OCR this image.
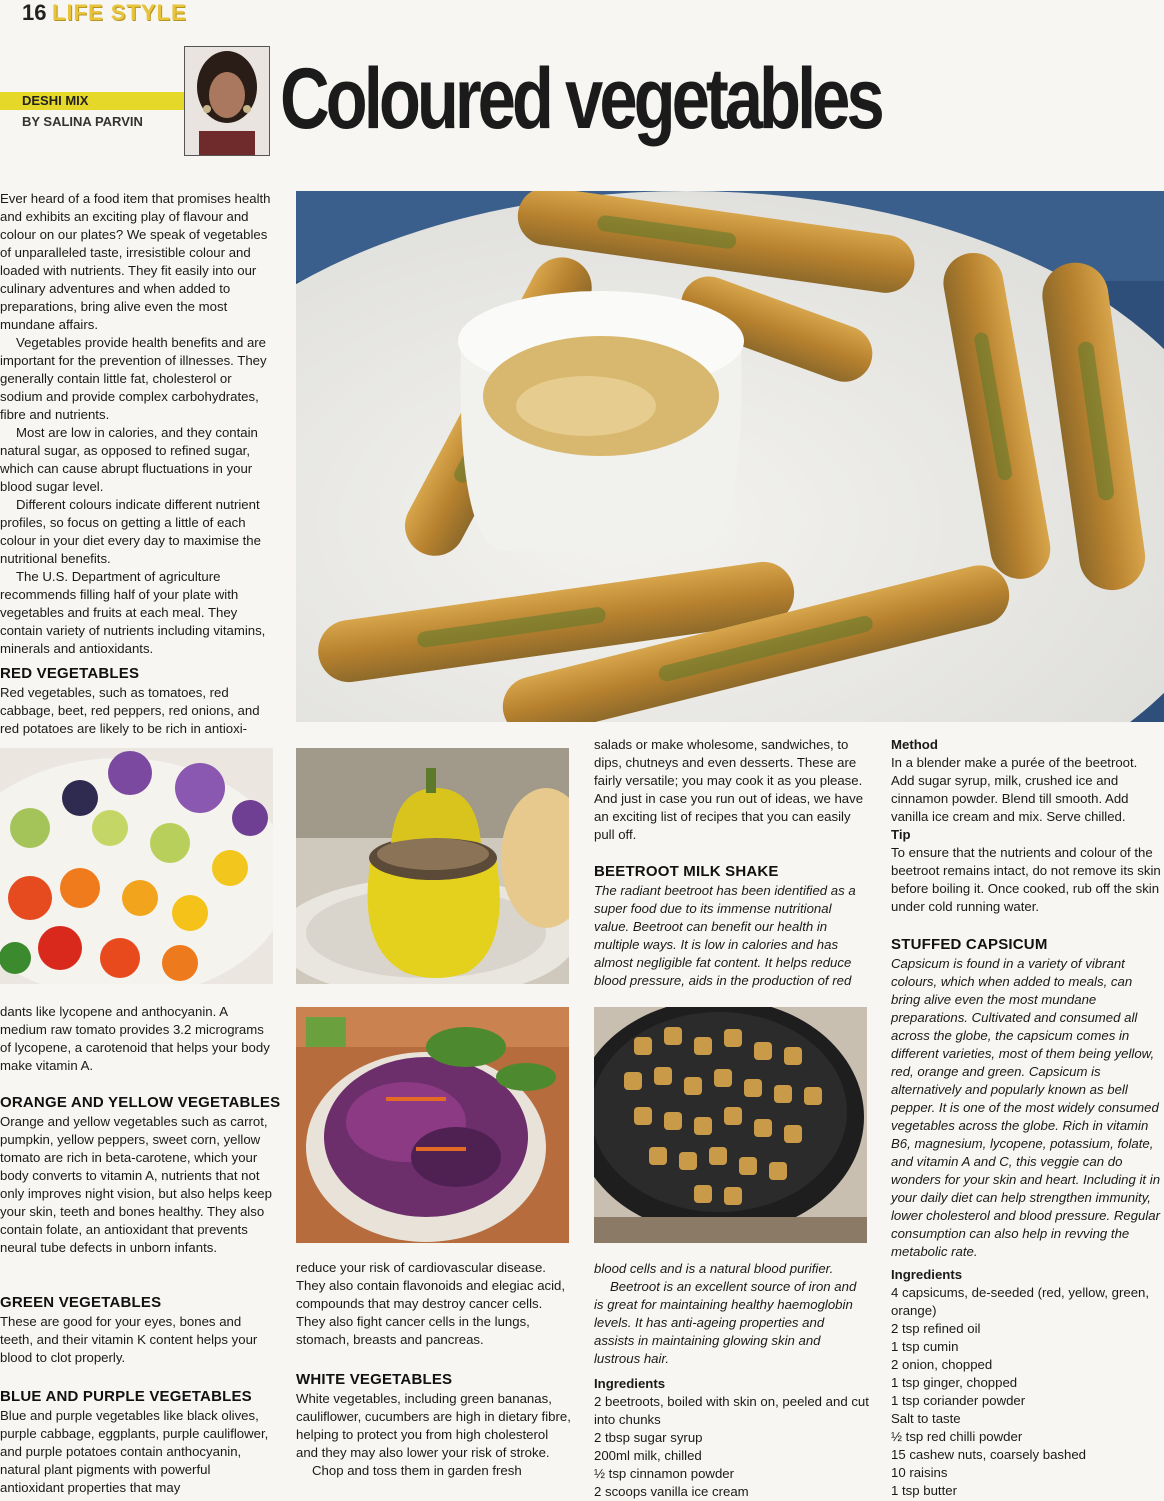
16 LIFE STYLE
DESHI MIX
BY SALINA PARVIN Coloured vegetables

Ever heard of a food item that promises health and exhibits an exciting play of flavour and colour on our plates? We speak of vegetables of unparalleled taste, irresistible colour and loaded with nutrients. They fit easily into our culinary adventures and when added to preparations, bring alive even the most mundane affairs.

Vegetables provide health benefits and are important for the prevention of illnesses. They generally contain little fat, cholesterol or sodium and provide complex carbohydrates, fibre and nutrients.

Most are low in calories, and they contain natural sugar, as opposed to refined sugar, which can cause abrupt fluctuations in your blood sugar level.

Different colours indicate different nutrient profiles, so focus on getting a little of each colour in your diet every day to maximise the nutritional benefits.

The U.S. Department of agriculture recommends filling half of your plate with vegetables and fruits at each meal. They contain variety of nutrients including vitamins, minerals and antioxidants.

RED VEGETABLES
Red vegetables, such as tomatoes, red cabbage, beet, red peppers, red onions, and red potatoes are likely to be rich in antioxi-
dants like lycopene and anthocyanin. A medium raw tomato provides 3.2 micrograms of lycopene, a carotenoid that helps your body make vitamin A.
ORANGE AND YELLOW VEGETABLES
Orange and yellow vegetables such as carrot, pumpkin, yellow peppers, sweet corn, yellow tomato are rich in beta-carotene, which your body converts to vitamin A, nutrients that not only improves night vision, but also helps keep your skin, teeth and bones healthy. They also contain folate, an antioxidant that prevents neural tube defects in unborn infants.
GREEN VEGETABLES
These are good for your eyes, bones and teeth, and their vitamin K content helps your blood to clot properly.
BLUE AND PURPLE VEGETABLES
Blue and purple vegetables like black olives, purple cabbage, eggplants, purple cauliflower, and purple potatoes contain anthocyanin, natural plant pigments with powerful antioxidant properties that may
reduce your risk of cardiovascular disease. They also contain flavonoids and elegiac acid, compounds that may destroy cancer cells. They also fight cancer cells in the lungs, stomach, breasts and pancreas.
WHITE VEGETABLES

White vegetables, including green bananas, cauliflower, cucumbers are high in dietary fibre, helping to protect you from high cholesterol and they may also lower your risk of stroke.

Chop and toss them in garden fresh

salads or make wholesome, sandwiches, to dips, chutneys and even desserts. These are fairly versatile; you may cook it as you please. And just in case you run out of ideas, we have an exciting list of recipes that you can easily pull off.
BEETROOT MILK SHAKE
The radiant beetroot has been identified as a super food due to its immense nutritional value. Beetroot can benefit our health in multiple ways. It is low in calories and has almost negligible fat content. It helps reduce blood pressure, aids in the production of red

blood cells and is a natural blood purifier.

Beetroot is an excellent source of iron and is great for maintaining healthy haemoglobin levels. It has anti-ageing properties and assists in maintaining glowing skin and lustrous hair.

Ingredients

2 beetroots, boiled with skin on, peeled and cut into chunks

2 tbsp sugar syrup

200ml milk, chilled

½ tsp cinnamon powder

2 scoops vanilla ice cream

Method

In a blender make a purée of the beetroot. Add sugar syrup, milk, crushed ice and cinnamon powder. Blend till smooth. Add vanilla ice cream and mix. Serve chilled.

Tip

To ensure that the nutrients and colour of the beetroot remains intact, do not remove its skin before boiling it. Once cooked, rub off the skin under cold running water.

STUFFED CAPSICUM
Capsicum is found in a variety of vibrant colours, which when added to meals, can bring alive even the most mundane preparations. Cultivated and consumed all across the globe, the capsicum comes in different varieties, most of them being yellow, red, orange and green. Capsicum is alternatively and popularly known as bell pepper. It is one of the most widely consumed vegetables across the globe. Rich in vitamin B6, magnesium, lycopene, potassium, folate, and vitamin A and C, this veggie can do wonders for your skin and heart. Including it in your daily diet can help strengthen immunity, lower cholesterol and blood pressure. Regular consumption can also help in revving the metabolic rate.

Ingredients

4 capsicums, de-seeded (red, yellow, green, orange)

2 tsp refined oil

1 tsp cumin

2 onion, chopped

1 tsp ginger, chopped

1 tsp coriander powder

Salt to taste

½ tsp red chilli powder

15 cashew nuts, coarsely bashed

10 raisins

1 tsp butter
